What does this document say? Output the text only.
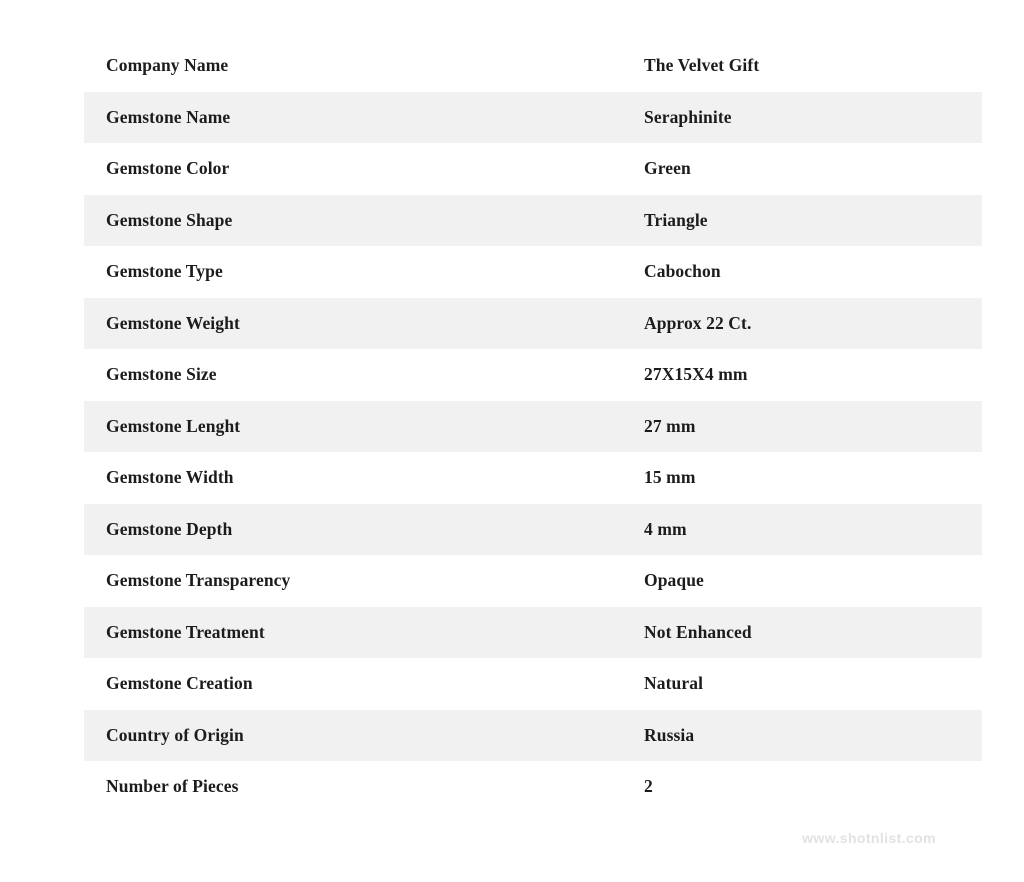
Company Name	The Velvet Gift
Gemstone Name	Seraphinite
Gemstone Color	Green
Gemstone Shape	Triangle
Gemstone Type	Cabochon
Gemstone Weight	Approx 22 Ct.
Gemstone Size	27X15X4 mm
Gemstone Lenght	27 mm
Gemstone Width	15 mm
Gemstone Depth	4 mm
Gemstone Transparency	Opaque
Gemstone Treatment	Not Enhanced
Gemstone Creation	Natural
Country of Origin	Russia
Number of Pieces	2
www.shotnlist.com
